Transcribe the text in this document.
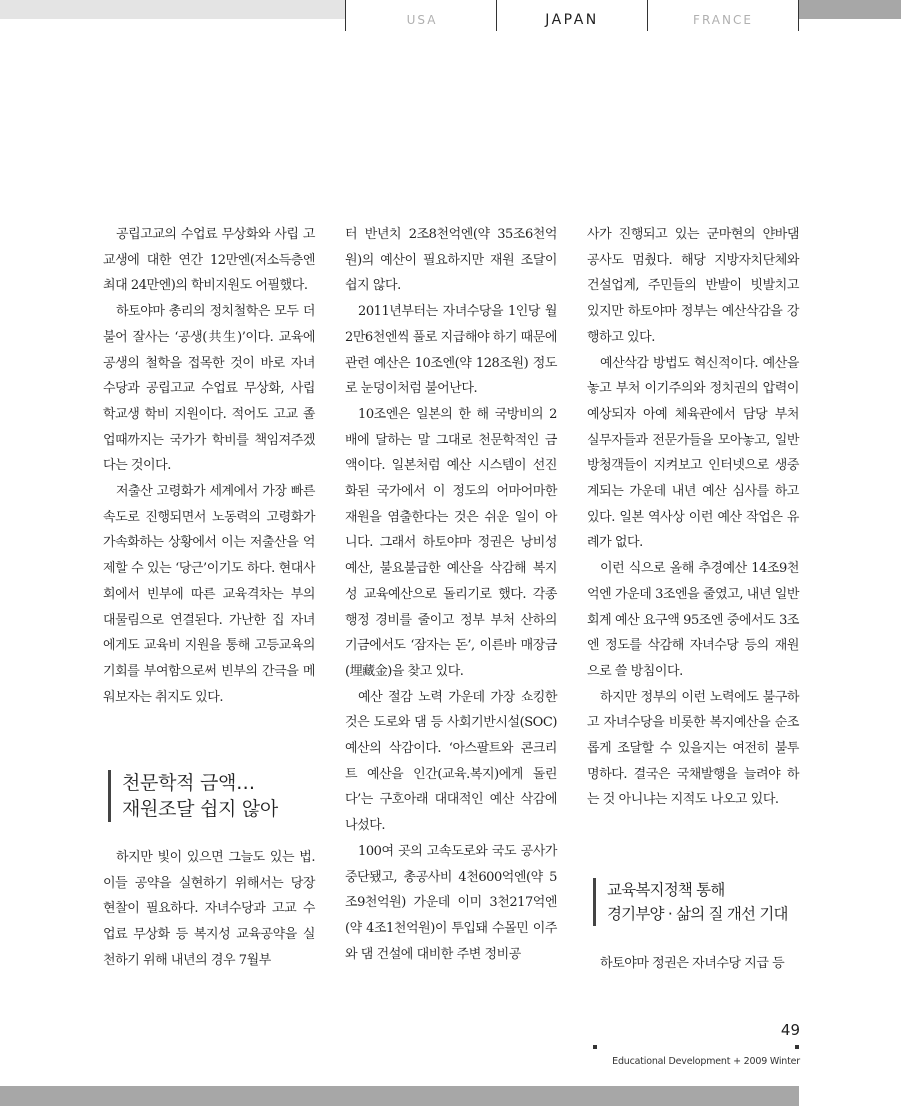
USA	JAPAN	FRANCE

공립고교의 수업료 무상화와 사립 고교생에 대한 연간 12만엔(저소득층엔 최대 24만엔)의 학비지원도 어필했다.

하토야마 총리의 정치철학은 모두 더불어 잘사는 ‘공생(共生)’이다. 교육에 공생의 철학을 접목한 것이 바로 자녀수당과 공립고교 수업료 무상화, 사립학교생 학비 지원이다. 적어도 고교 졸업때까지는 국가가 학비를 책임져주겠다는 것이다.

저출산 고령화가 세계에서 가장 빠른 속도로 진행되면서 노동력의 고령화가 가속화하는 상황에서 이는 저출산을 억제할 수 있는 ‘당근’이기도 하다. 현대사회에서 빈부에 따른 교육격차는 부의 대물림으로 연결된다. 가난한 집 자녀에게도 교육비 지원을 통해 고등교육의 기회를 부여함으로써 빈부의 간극을 메워보자는 취지도 있다.

천문학적 금액…
재원조달 쉽지 않아

하지만 빛이 있으면 그늘도 있는 법. 이들 공약을 실현하기 위해서는 당장 현찰이 필요하다. 자녀수당과 고교 수업료 무상화 등 복지성 교육공약을 실천하기 위해 내년의 경우 7월부

터 반년치 2조8천억엔(약 35조6천억원)의 예산이 필요하지만 재원 조달이 쉽지 않다.

2011년부터는 자녀수당을 1인당 월 2만6천엔씩 풀로 지급해야 하기 때문에 관련 예산은 10조엔(약 128조원) 정도로 눈덩이처럼 불어난다.

10조엔은 일본의 한 해 국방비의 2배에 달하는 말 그대로 천문학적인 금액이다. 일본처럼 예산 시스템이 선진화된 국가에서 이 정도의 어마어마한 재원을 염출한다는 것은 쉬운 일이 아니다. 그래서 하토야마 정권은 낭비성 예산, 불요불급한 예산을 삭감해 복지성 교육예산으로 돌리기로 했다. 각종 행정 경비를 줄이고 정부 부처 산하의 기금에서도 ‘잠자는 돈’, 이른바 매장금(埋藏金)을 찾고 있다.

예산 절감 노력 가운데 가장 쇼킹한 것은 도로와 댐 등 사회기반시설(SOC) 예산의 삭감이다. ‘아스팔트와 콘크리트 예산을 인간(교육.복지)에게 돌린다’는 구호아래 대대적인 예산 삭감에 나섰다.

100여 곳의 고속도로와 국도 공사가 중단됐고, 총공사비 4천600억엔(약 5조9천억원) 가운데 이미 3천217억엔(약 4조1천억원)이 투입돼 수몰민 이주와 댐 건설에 대비한 주변 정비공

사가 진행되고 있는 군마현의 얀바댐 공사도 멈췄다. 해당 지방자치단체와 건설업계, 주민들의 반발이 빗발치고 있지만 하토야마 정부는 예산삭감을 강행하고 있다.

예산삭감 방법도 혁신적이다. 예산을 놓고 부처 이기주의와 정치권의 압력이 예상되자 아예 체육관에서 담당 부처 실무자들과 전문가들을 모아놓고, 일반 방청객들이 지켜보고 인터넷으로 생중계되는 가운데 내년 예산 심사를 하고 있다. 일본 역사상 이런 예산 작업은 유례가 없다.

이런 식으로 올해 추경예산 14조9천억엔 가운데 3조엔을 줄였고, 내년 일반회계 예산 요구액 95조엔 중에서도 3조엔 정도를 삭감해 자녀수당 등의 재원으로 쓸 방침이다.

하지만 정부의 이런 노력에도 불구하고 자녀수당을 비롯한 복지예산을 순조롭게 조달할 수 있을지는 여전히 불투명하다. 결국은 국채발행을 늘려야 하는 것 아니냐는 지적도 나오고 있다.

교육복지정책 통해
경기부양 · 삶의 질 개선 기대

하토야마 정권은 자녀수당 지급 등

49
Educational Development + 2009 Winter
